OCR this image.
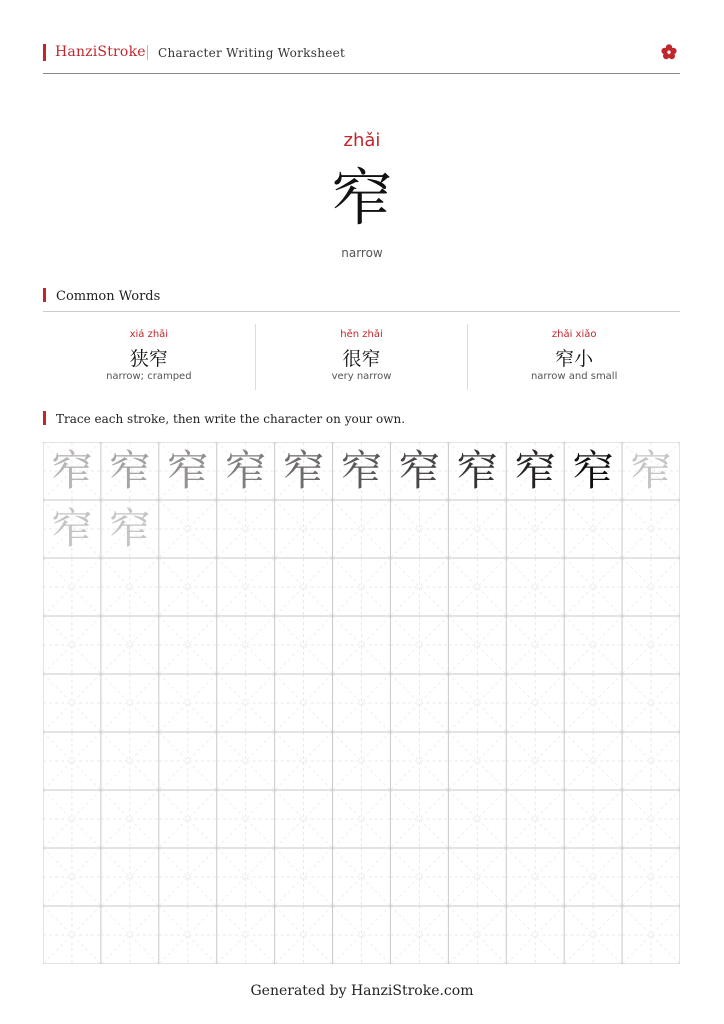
HanziStroke Character Writing Worksheet
zhǎi
窄
narrow
Common Words
xiá zhǎi
狭窄
narrow; cramped
hěn zhǎi
很窄
very narrow
zhǎi xiǎo
窄小
narrow and small
Trace each stroke, then write the character on your own.
窄 窄 窄 窄 窄 窄 窄 窄 窄 窄 窄
窄 窄
Generated by HanziStroke.com
